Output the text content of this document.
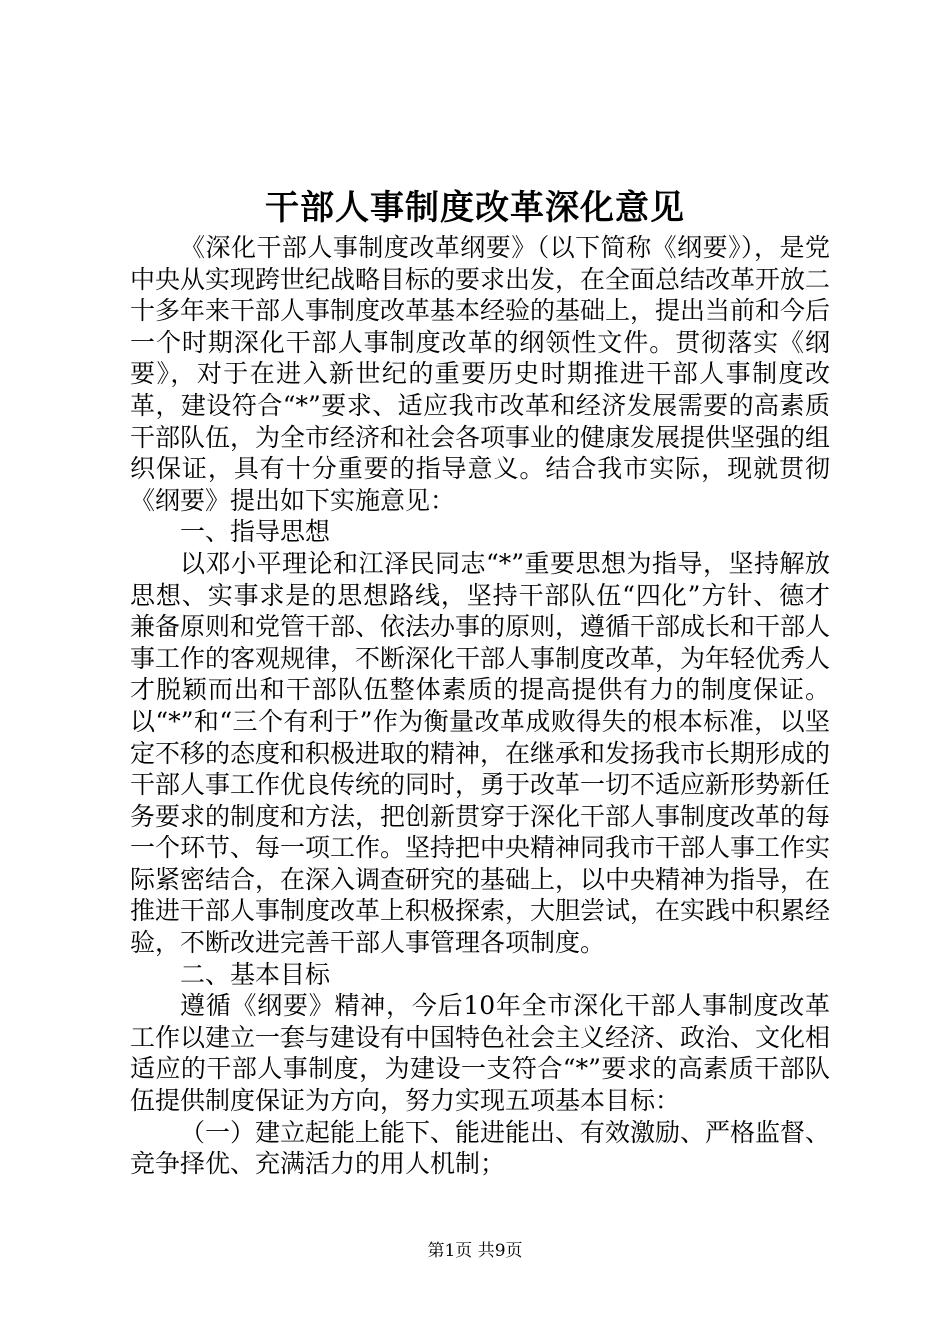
干部人事制度改革深化意见

《深化干部人事制度改革纲要》（以下简称《纲要》），是党中央从实现跨世纪战略目标的要求出发，在全面总结改革开放二十多年来干部人事制度改革基本经验的基础上，提出当前和今后一个时期深化干部人事制度改革的纲领性文件。贯彻落实《纲要》，对于在进入新世纪的重要历史时期推进干部人事制度改革，建设符合“*”要求、适应我市改革和经济发展需要的高素质干部队伍，为全市经济和社会各项事业的健康发展提供坚强的组织保证，具有十分重要的指导意义。结合我市实际，现就贯彻《纲要》提出如下实施意见：

一、指导思想

以邓小平理论和江泽民同志“*”重要思想为指导，坚持解放思想、实事求是的思想路线，坚持干部队伍“四化”方针、德才兼备原则和党管干部、依法办事的原则，遵循干部成长和干部人事工作的客观规律，不断深化干部人事制度改革，为年轻优秀人才脱颖而出和干部队伍整体素质的提高提供有力的制度保证。以“*”和“三个有利于”作为衡量改革成败得失的根本标准，以坚定不移的态度和积极进取的精神，在继承和发扬我市长期形成的干部人事工作优良传统的同时，勇于改革一切不适应新形势新任务要求的制度和方法，把创新贯穿于深化干部人事制度改革的每一个环节、每一项工作。坚持把中央精神同我市干部人事工作实际紧密结合，在深入调查研究的基础上，以中央精神为指导，在推进干部人事制度改革上积极探索，大胆尝试，在实践中积累经验，不断改进完善干部人事管理各项制度。

二、基本目标

遵循《纲要》精神，今后10年全市深化干部人事制度改革工作以建立一套与建设有中国特色社会主义经济、政治、文化相适应的干部人事制度，为建设一支符合“*”要求的高素质干部队伍提供制度保证为方向，努力实现五项基本目标：

（一）建立起能上能下、能进能出、有效激励、严格监督、竞争择优、充满活力的用人机制；

第1页 共9页
